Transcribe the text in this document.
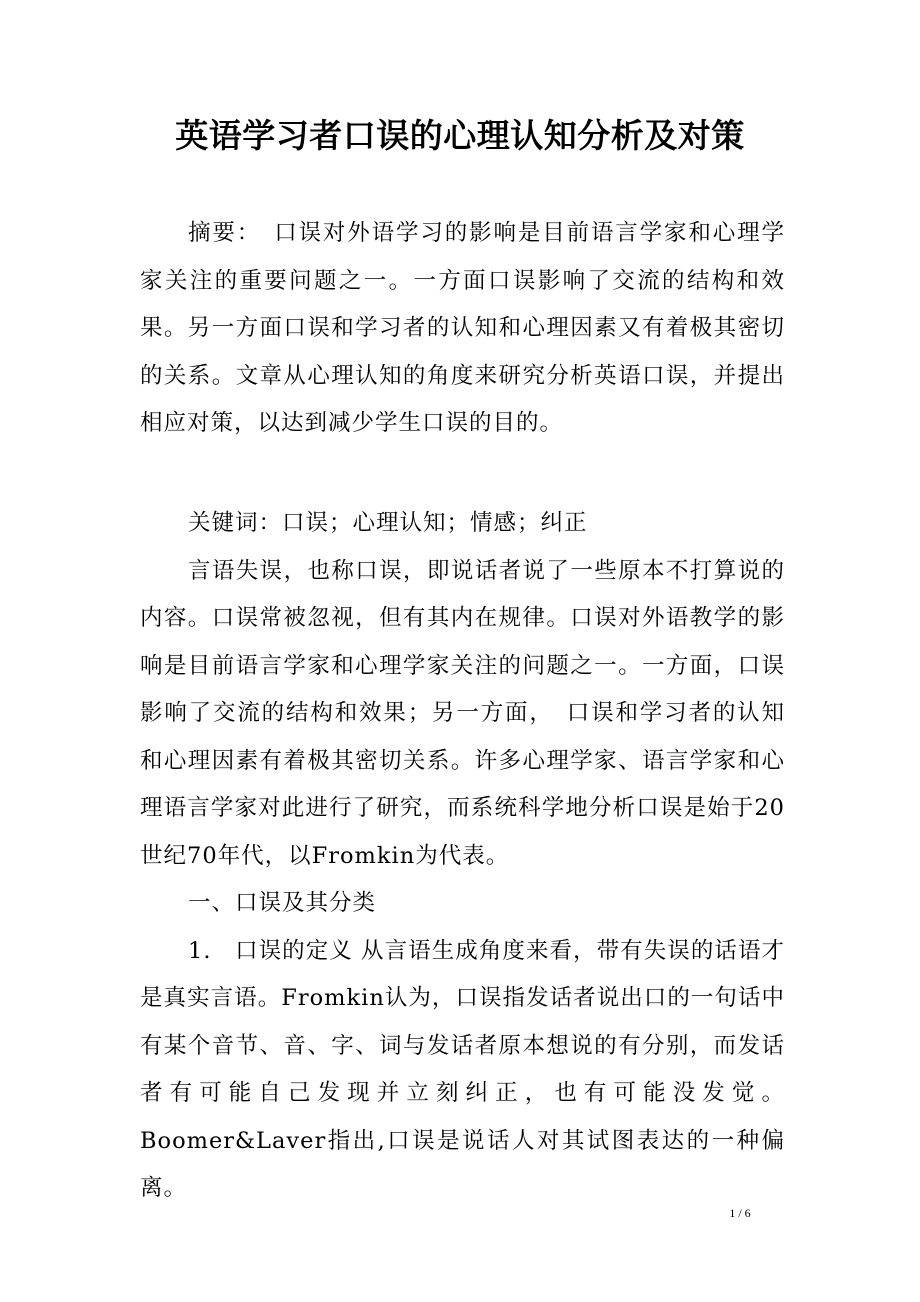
英语学习者口误的心理认知分析及对策

摘要：　口误对外语学习的影响是目前语言学家和心理学家关注的重要问题之一。一方面口误影响了交流的结构和效果。另一方面口误和学习者的认知和心理因素又有着极其密切的关系。文章从心理认知的角度来研究分析英语口误，并提出相应对策，以达到减少学生口误的目的。

关键词：口误；心理认知；情感；纠正

言语失误，也称口误，即说话者说了一些原本不打算说的内容。口误常被忽视，但有其内在规律。口误对外语教学的影响是目前语言学家和心理学家关注的问题之一。一方面，口误影响了交流的结构和效果；另一方面，　口误和学习者的认知和心理因素有着极其密切关系。许多心理学家、语言学家和心理语言学家对此进行了研究，而系统科学地分析口误是始于20世纪70年代，以Fromkin为代表。

一、口误及其分类

1.　口误的定义 从言语生成角度来看，带有失误的话语才是真实言语。Fromkin认为，口误指发话者说出口的一句话中有某个音节、音、字、词与发话者原本想说的有分别，而发话者有可能自己发现并立刻纠正，也有可能没发觉。Boomer&Laver指出,口误是说话人对其试图表达的一种偏离。

1 / 6
